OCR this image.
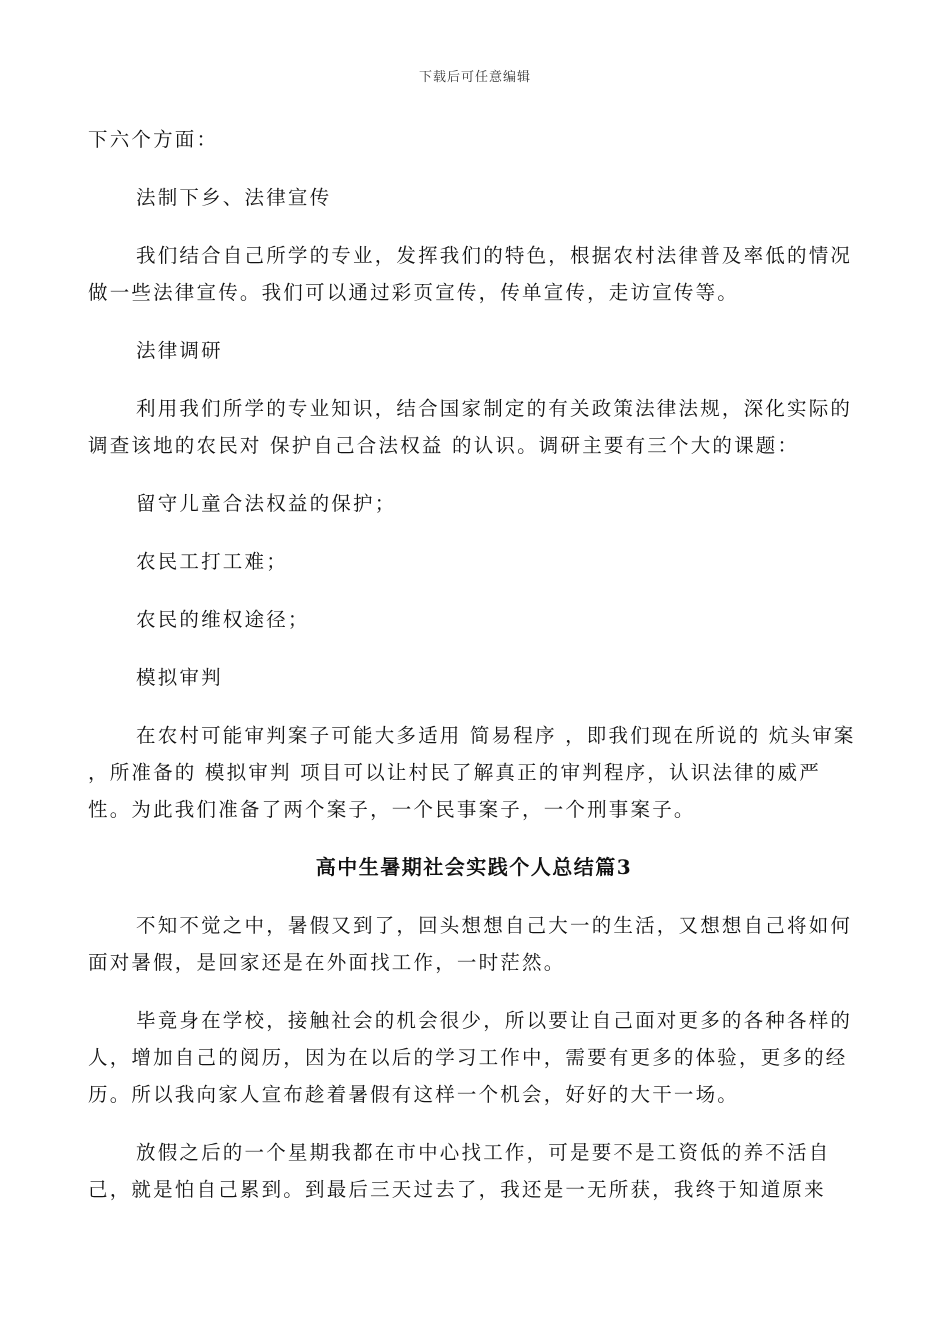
下载后可任意编辑

下六个方面：

法制下乡、法律宣传

我们结合自己所学的专业，发挥我们的特色，根据农村法律普及率低的情况做一些法律宣传。我们可以通过彩页宣传，传单宣传，走访宣传等。

法律调研

利用我们所学的专业知识，结合国家制定的有关政策法律法规，深化实际的调查该地的农民对 保护自己合法权益 的认识。调研主要有三个大的课题：

留守儿童合法权益的保护；

农民工打工难；

农民的维权途径；

模拟审判

在农村可能审判案子可能大多适用 简易程序 ，即我们现在所说的 炕头审案 ，所准备的 模拟审判 项目可以让村民了解真正的审判程序，认识法律的威严性。为此我们准备了两个案子，一个民事案子，一个刑事案子。

高中生暑期社会实践个人总结篇3

不知不觉之中，暑假又到了，回头想想自己大一的生活，又想想自己将如何面对暑假，是回家还是在外面找工作，一时茫然。

毕竟身在学校，接触社会的机会很少，所以要让自己面对更多的各种各样的人，增加自己的阅历，因为在以后的学习工作中，需要有更多的体验，更多的经历。所以我向家人宣布趁着暑假有这样一个机会，好好的大干一场。

放假之后的一个星期我都在市中心找工作，可是要不是工资低的养不活自己，就是怕自己累到。到最后三天过去了，我还是一无所获，我终于知道原来
